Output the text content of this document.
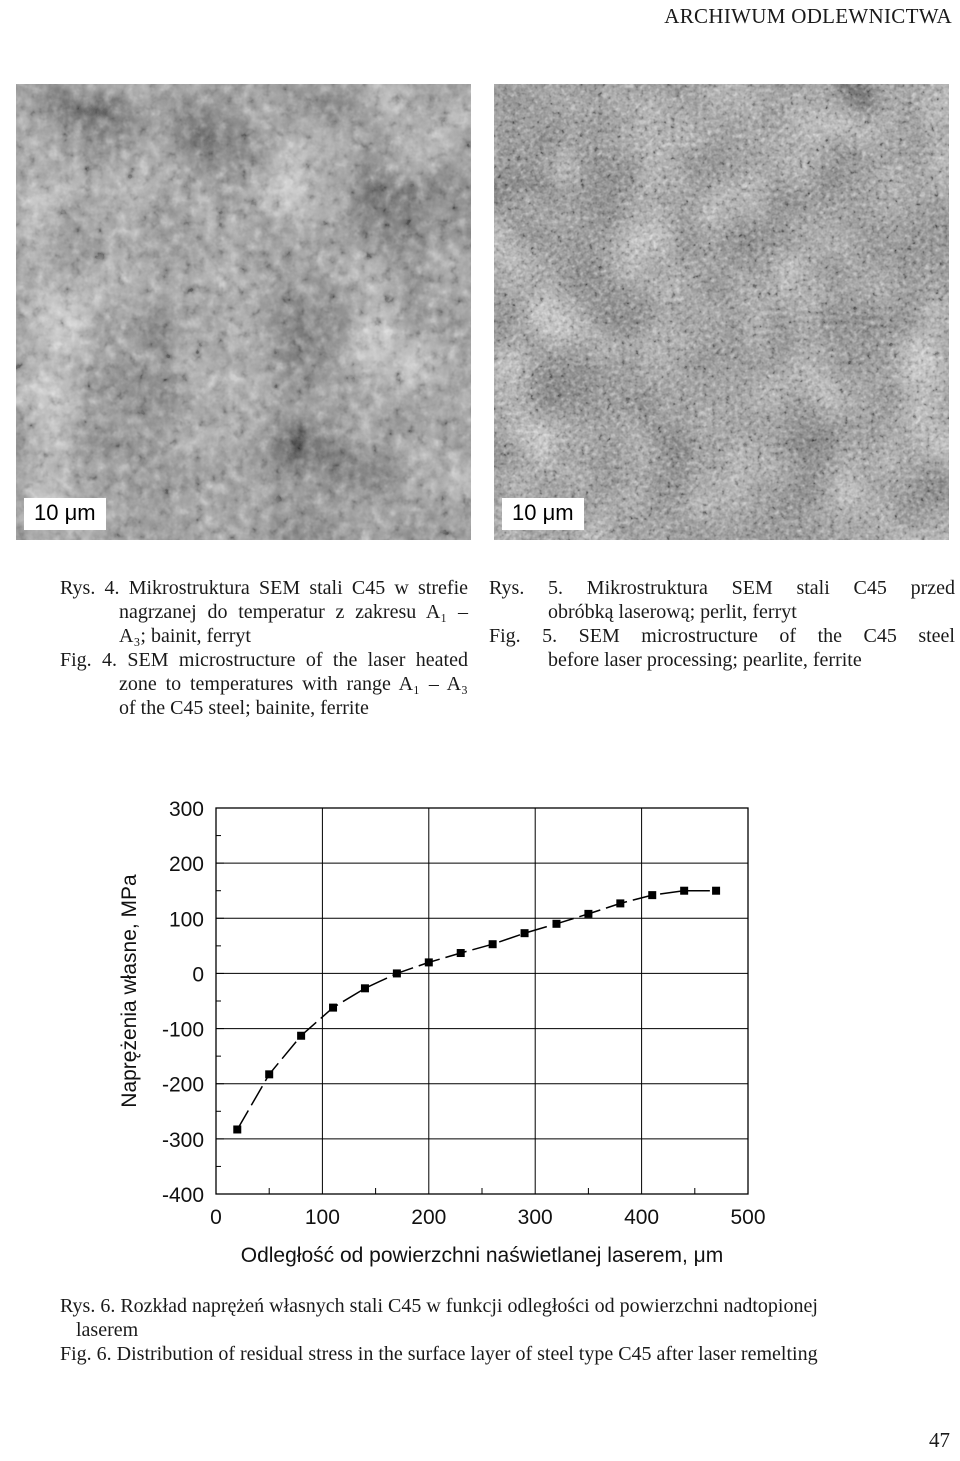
ARCHIWUM ODLEWNICTWA
10 μm	10 μm
Rys. 4. Mikrostruktura SEM stali C45 w strefie
nagrzanej do temperatur z zakresu A₁ –
A₃; bainit, ferryt
Fig. 4. SEM microstructure of the laser heated
zone to temperatures with range A₁ – A₃
of the C45 steel; bainite, ferrite
Rys. 5. Mikrostruktura SEM stali C45 przed
obróbką laserową; perlit, ferryt
Fig. 5. SEM microstructure of the C45 steel
before laser processing; pearlite, ferrite
300
200
100
0
-100
-200
-300
-400
0	100	200	300	400	500
Odległość od powierzchni naświetlanej laserem, μm
Naprężenia własne, MPa
Rys. 6. Rozkład naprężeń własnych stali C45 w funkcji odległości od powierzchni nadtopionej
laserem
Fig. 6. Distribution of residual stress in the surface layer of steel type C45 after laser remelting
47
